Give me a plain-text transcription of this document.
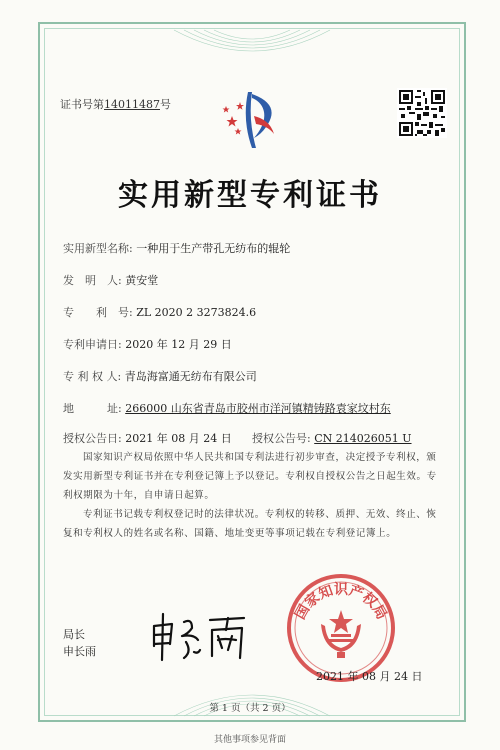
证书号第14011487号
实用新型专利证书
实用新型名称: 一种用于生产带孔无纺布的辊轮
发　明　人: 黄安堂
专　　利　号: ZL 2020 2 3273824.6
专利申请日: 2020 年 12 月 29 日
专 利 权 人: 青岛海富通无纺布有限公司
地　　　址: 266000 山东省青岛市胶州市洋河镇精铸路袁家坟村东
授权公告日: 2021 年 08 月 24 日 授权公告号: CN 214026051 U
国家知识产权局依照中华人民共和国专利法进行初步审查，决定授予专利权，颁发实用新型专利证书并在专利登记簿上予以登记。专利权自授权公告之日起生效。专利权期限为十年，自申请日起算。
专利证书记载专利权登记时的法律状况。专利权的转移、质押、无效、终止、恢复和专利权人的姓名或名称、国籍、地址变更等事项记载在专利登记簿上。
局长
申长雨
国家知识产权局
2021 年 08 月 24 日
第 1 页（共 2 页）
其他事项参见背面
